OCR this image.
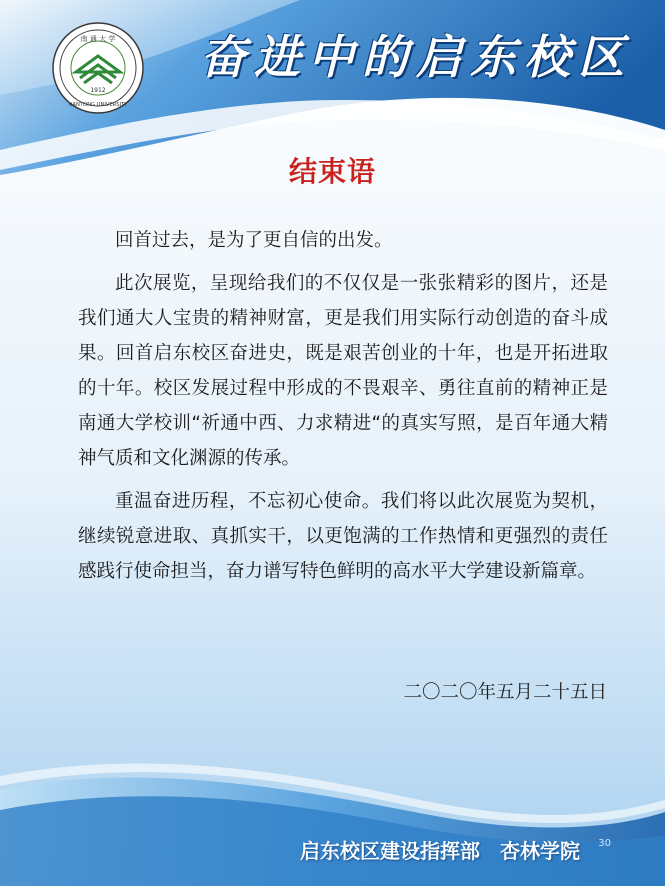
南 通 大 学
1912
NANTONG UNIVERSITY
奋进中的启东校区
结束语

回首过去，是为了更自信的出发。

此次展览，呈现给我们的不仅仅是一张张精彩的图片，还是我们通大人宝贵的精神财富，更是我们用实际行动创造的奋斗成果。回首启东校区奋进史，既是艰苦创业的十年，也是开拓进取的十年。校区发展过程中形成的不畏艰辛、勇往直前的精神正是南通大学校训“祈通中西、力求精进“的真实写照，是百年通大精神气质和文化渊源的传承。

重温奋进历程，不忘初心使命。我们将以此次展览为契机，继续锐意进取、真抓实干，以更饱满的工作热情和更强烈的责任感践行使命担当，奋力谱写特色鲜明的高水平大学建设新篇章。

二〇二〇年五月二十五日
启东校区建设指挥部　杏林学院	30
